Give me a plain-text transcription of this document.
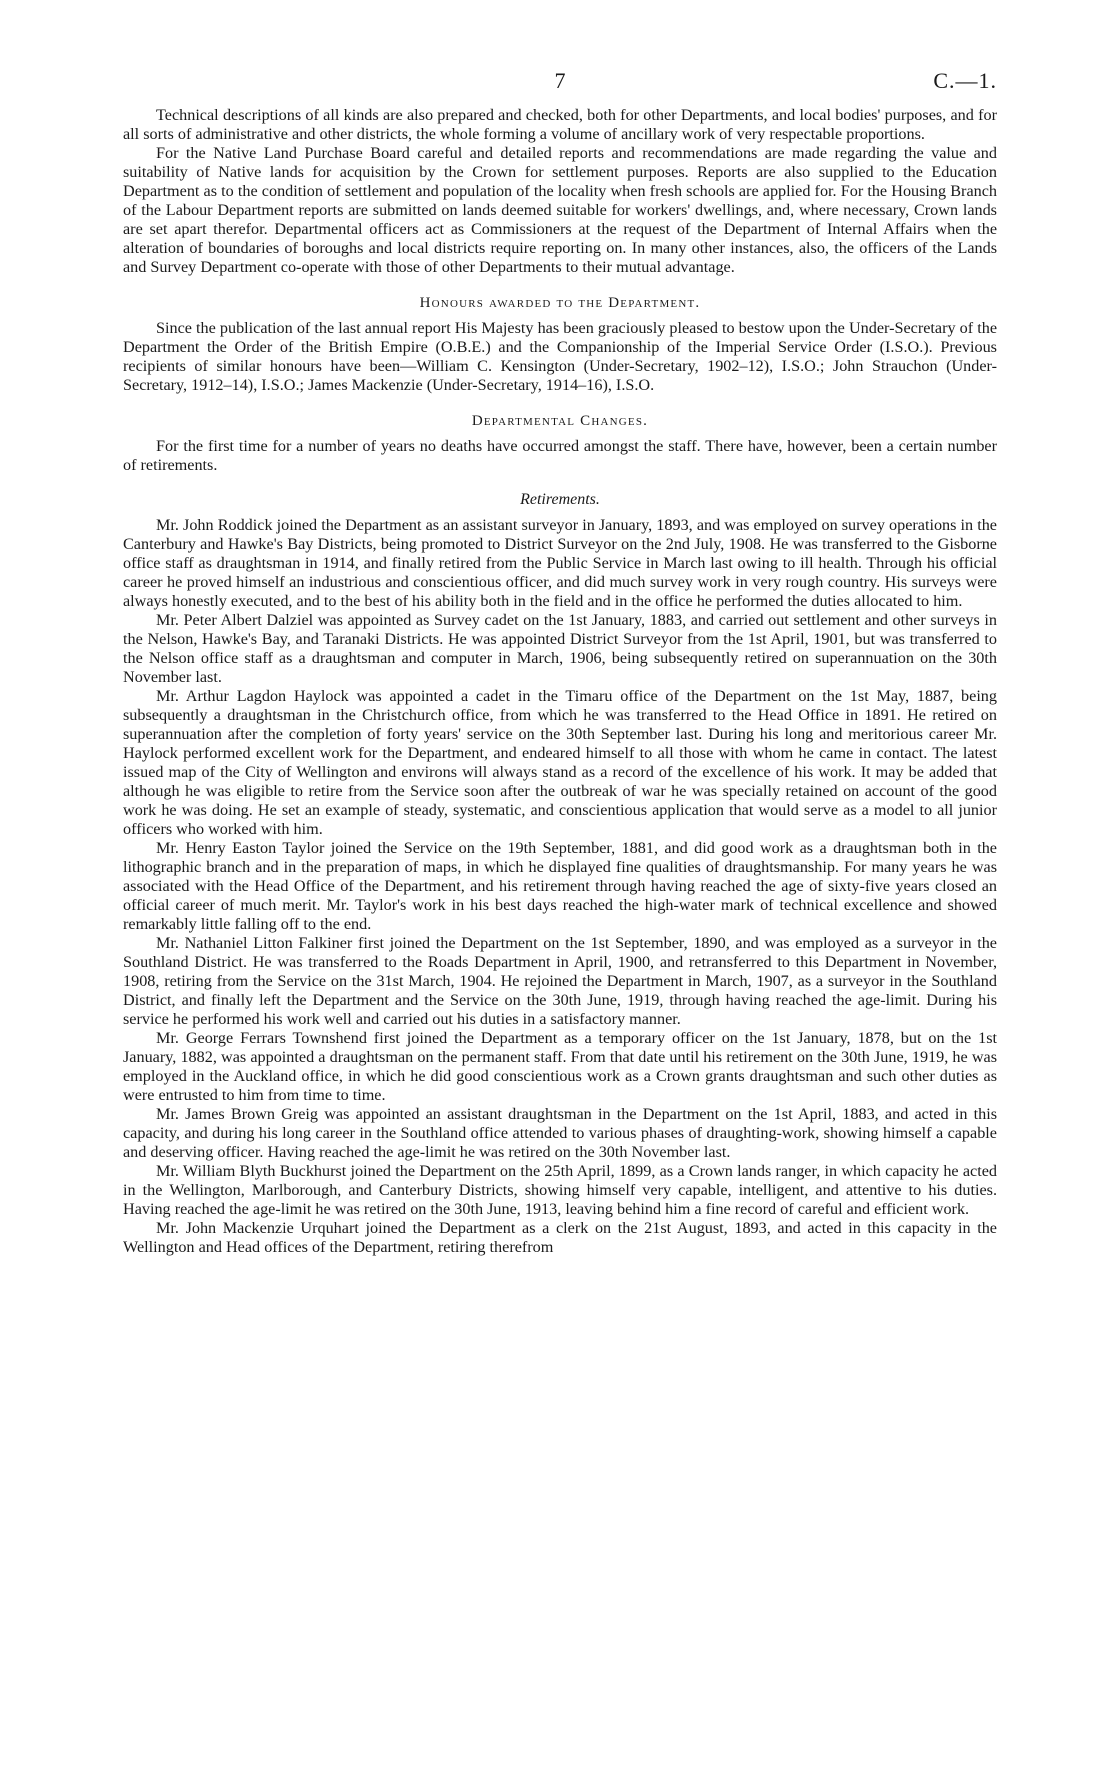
7	C.—1.

Technical descriptions of all kinds are also prepared and checked, both for other Departments, and local bodies' purposes, and for all sorts of administrative and other districts, the whole forming a volume of ancillary work of very respectable proportions.

For the Native Land Purchase Board careful and detailed reports and recommendations are made regarding the value and suitability of Native lands for acquisition by the Crown for settlement purposes. Reports are also supplied to the Education Department as to the condition of settlement and population of the locality when fresh schools are applied for. For the Housing Branch of the Labour Department reports are submitted on lands deemed suitable for workers' dwellings, and, where necessary, Crown lands are set apart therefor. Departmental officers act as Commissioners at the request of the Department of Internal Affairs when the alteration of boundaries of boroughs and local districts require reporting on. In many other instances, also, the officers of the Lands and Survey Department co-operate with those of other Departments to their mutual advantage.

Honours awarded to the Department.

Since the publication of the last annual report His Majesty has been graciously pleased to bestow upon the Under-Secretary of the Department the Order of the British Empire (O.B.E.) and the Companionship of the Imperial Service Order (I.S.O.). Previous recipients of similar honours have been—William C. Kensington (Under-Secretary, 1902–12), I.S.O.; John Strauchon (Under-Secretary, 1912–14), I.S.O.; James Mackenzie (Under-Secretary, 1914–16), I.S.O.

Departmental Changes.

For the first time for a number of years no deaths have occurred amongst the staff. There have, however, been a certain number of retirements.

Retirements.

Mr. John Roddick joined the Department as an assistant surveyor in January, 1893, and was employed on survey operations in the Canterbury and Hawke's Bay Districts, being promoted to District Surveyor on the 2nd July, 1908. He was transferred to the Gisborne office staff as draughtsman in 1914, and finally retired from the Public Service in March last owing to ill health. Through his official career he proved himself an industrious and conscientious officer, and did much survey work in very rough country. His surveys were always honestly executed, and to the best of his ability both in the field and in the office he performed the duties allocated to him.

Mr. Peter Albert Dalziel was appointed as Survey cadet on the 1st January, 1883, and carried out settlement and other surveys in the Nelson, Hawke's Bay, and Taranaki Districts. He was appointed District Surveyor from the 1st April, 1901, but was transferred to the Nelson office staff as a draughtsman and computer in March, 1906, being subsequently retired on superannuation on the 30th November last.

Mr. Arthur Lagdon Haylock was appointed a cadet in the Timaru office of the Department on the 1st May, 1887, being subsequently a draughtsman in the Christchurch office, from which he was transferred to the Head Office in 1891. He retired on superannuation after the completion of forty years' service on the 30th September last. During his long and meritorious career Mr. Haylock performed excellent work for the Department, and endeared himself to all those with whom he came in contact. The latest issued map of the City of Wellington and environs will always stand as a record of the excellence of his work. It may be added that although he was eligible to retire from the Service soon after the outbreak of war he was specially retained on account of the good work he was doing. He set an example of steady, systematic, and conscientious application that would serve as a model to all junior officers who worked with him.

Mr. Henry Easton Taylor joined the Service on the 19th September, 1881, and did good work as a draughtsman both in the lithographic branch and in the preparation of maps, in which he displayed fine qualities of draughtsmanship. For many years he was associated with the Head Office of the Department, and his retirement through having reached the age of sixty-five years closed an official career of much merit. Mr. Taylor's work in his best days reached the high-water mark of technical excellence and showed remarkably little falling off to the end.

Mr. Nathaniel Litton Falkiner first joined the Department on the 1st September, 1890, and was employed as a surveyor in the Southland District. He was transferred to the Roads Department in April, 1900, and retransferred to this Department in November, 1908, retiring from the Service on the 31st March, 1904. He rejoined the Department in March, 1907, as a surveyor in the Southland District, and finally left the Department and the Service on the 30th June, 1919, through having reached the age-limit. During his service he performed his work well and carried out his duties in a satisfactory manner.

Mr. George Ferrars Townshend first joined the Department as a temporary officer on the 1st January, 1878, but on the 1st January, 1882, was appointed a draughtsman on the permanent staff. From that date until his retirement on the 30th June, 1919, he was employed in the Auckland office, in which he did good conscientious work as a Crown grants draughtsman and such other duties as were entrusted to him from time to time.

Mr. James Brown Greig was appointed an assistant draughtsman in the Department on the 1st April, 1883, and acted in this capacity, and during his long career in the Southland office attended to various phases of draughting-work, showing himself a capable and deserving officer. Having reached the age-limit he was retired on the 30th November last.

Mr. William Blyth Buckhurst joined the Department on the 25th April, 1899, as a Crown lands ranger, in which capacity he acted in the Wellington, Marlborough, and Canterbury Districts, showing himself very capable, intelligent, and attentive to his duties. Having reached the age-limit he was retired on the 30th June, 1913, leaving behind him a fine record of careful and efficient work.

Mr. John Mackenzie Urquhart joined the Department as a clerk on the 21st August, 1893, and acted in this capacity in the Wellington and Head offices of the Department, retiring therefrom
